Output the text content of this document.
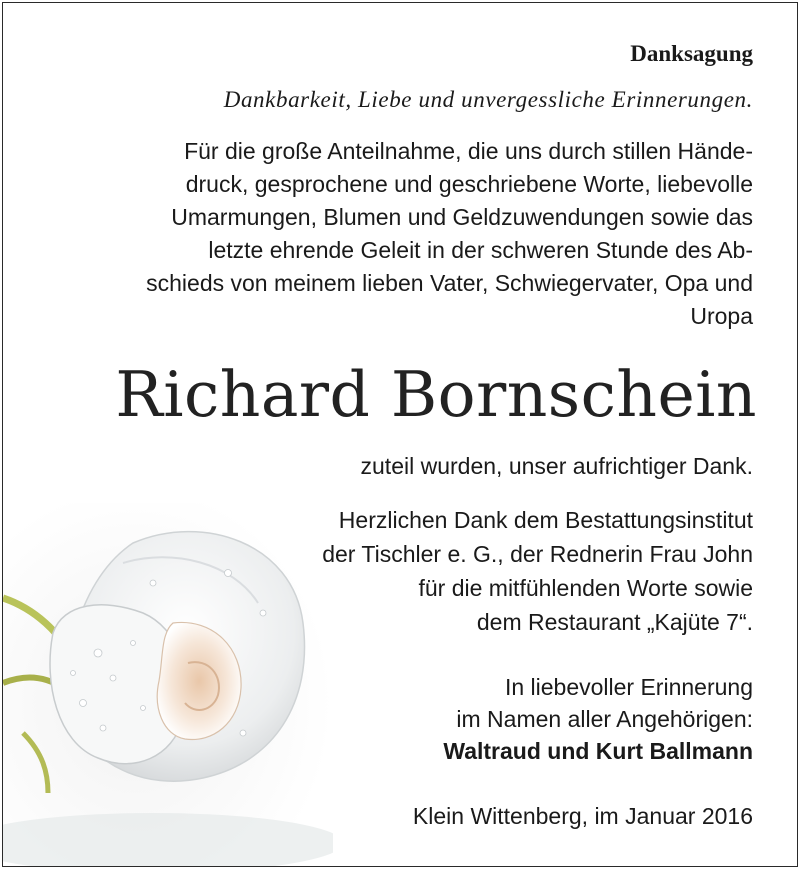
Danksagung
Dankbarkeit, Liebe und unvergessliche Erinnerungen.
Für die große Anteilnahme, die uns durch stillen Hände-
druck, gesprochene und geschriebene Worte, liebevolle
Umarmungen, Blumen und Geldzuwendungen sowie das
letzte ehrende Geleit in der schweren Stunde des Ab-
schieds von meinem lieben Vater, Schwiegervater, Opa und
Uropa
Richard Bornschein
zuteil wurden, unser aufrichtiger Dank.
Herzlichen Dank dem Bestattungsinstitut
der Tischler e. G., der Rednerin Frau John
für die mitfühlenden Worte sowie
dem Restaurant „Kajüte 7“.
In liebevoller Erinnerung
im Namen aller Angehörigen:
Waltraud und Kurt Ballmann
Klein Wittenberg, im Januar 2016
